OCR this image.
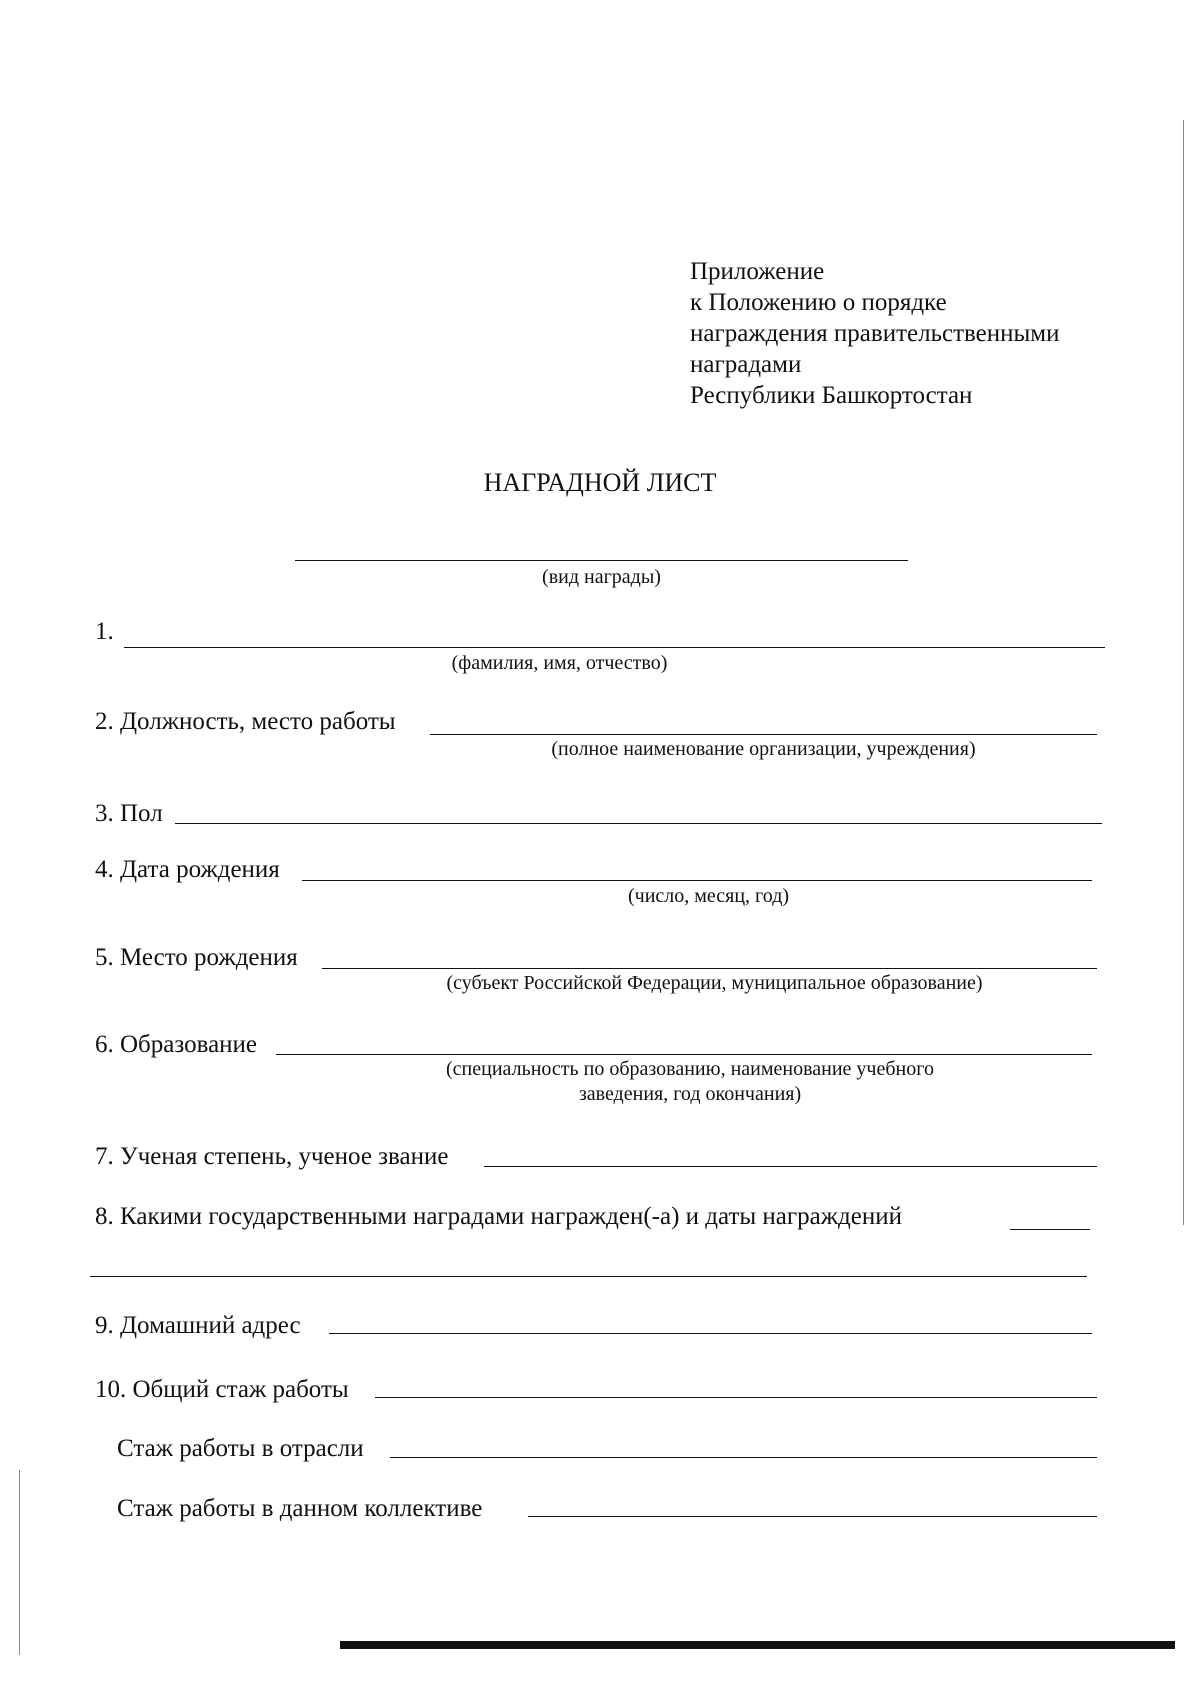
Приложение
к Положению о порядке
награждения правительственными
наградами
Республики Башкортостан
НАГРАДНОЙ ЛИСТ
(вид награды)
1.
(фамилия, имя, отчество)
2. Должность, место работы
(полное наименование организации, учреждения)
3. Пол
4. Дата рождения
(число, месяц, год)
5. Место рождения
(субъект Российской Федерации, муниципальное образование)
6. Образование
(специальность по образованию, наименование учебного
заведения, год окончания)
7. Ученая степень, ученое звание
8. Какими государственными наградами награжден(-а) и даты награждений
9. Домашний адрес
10. Общий стаж работы
Стаж работы в отрасли
Стаж работы в данном коллективе
